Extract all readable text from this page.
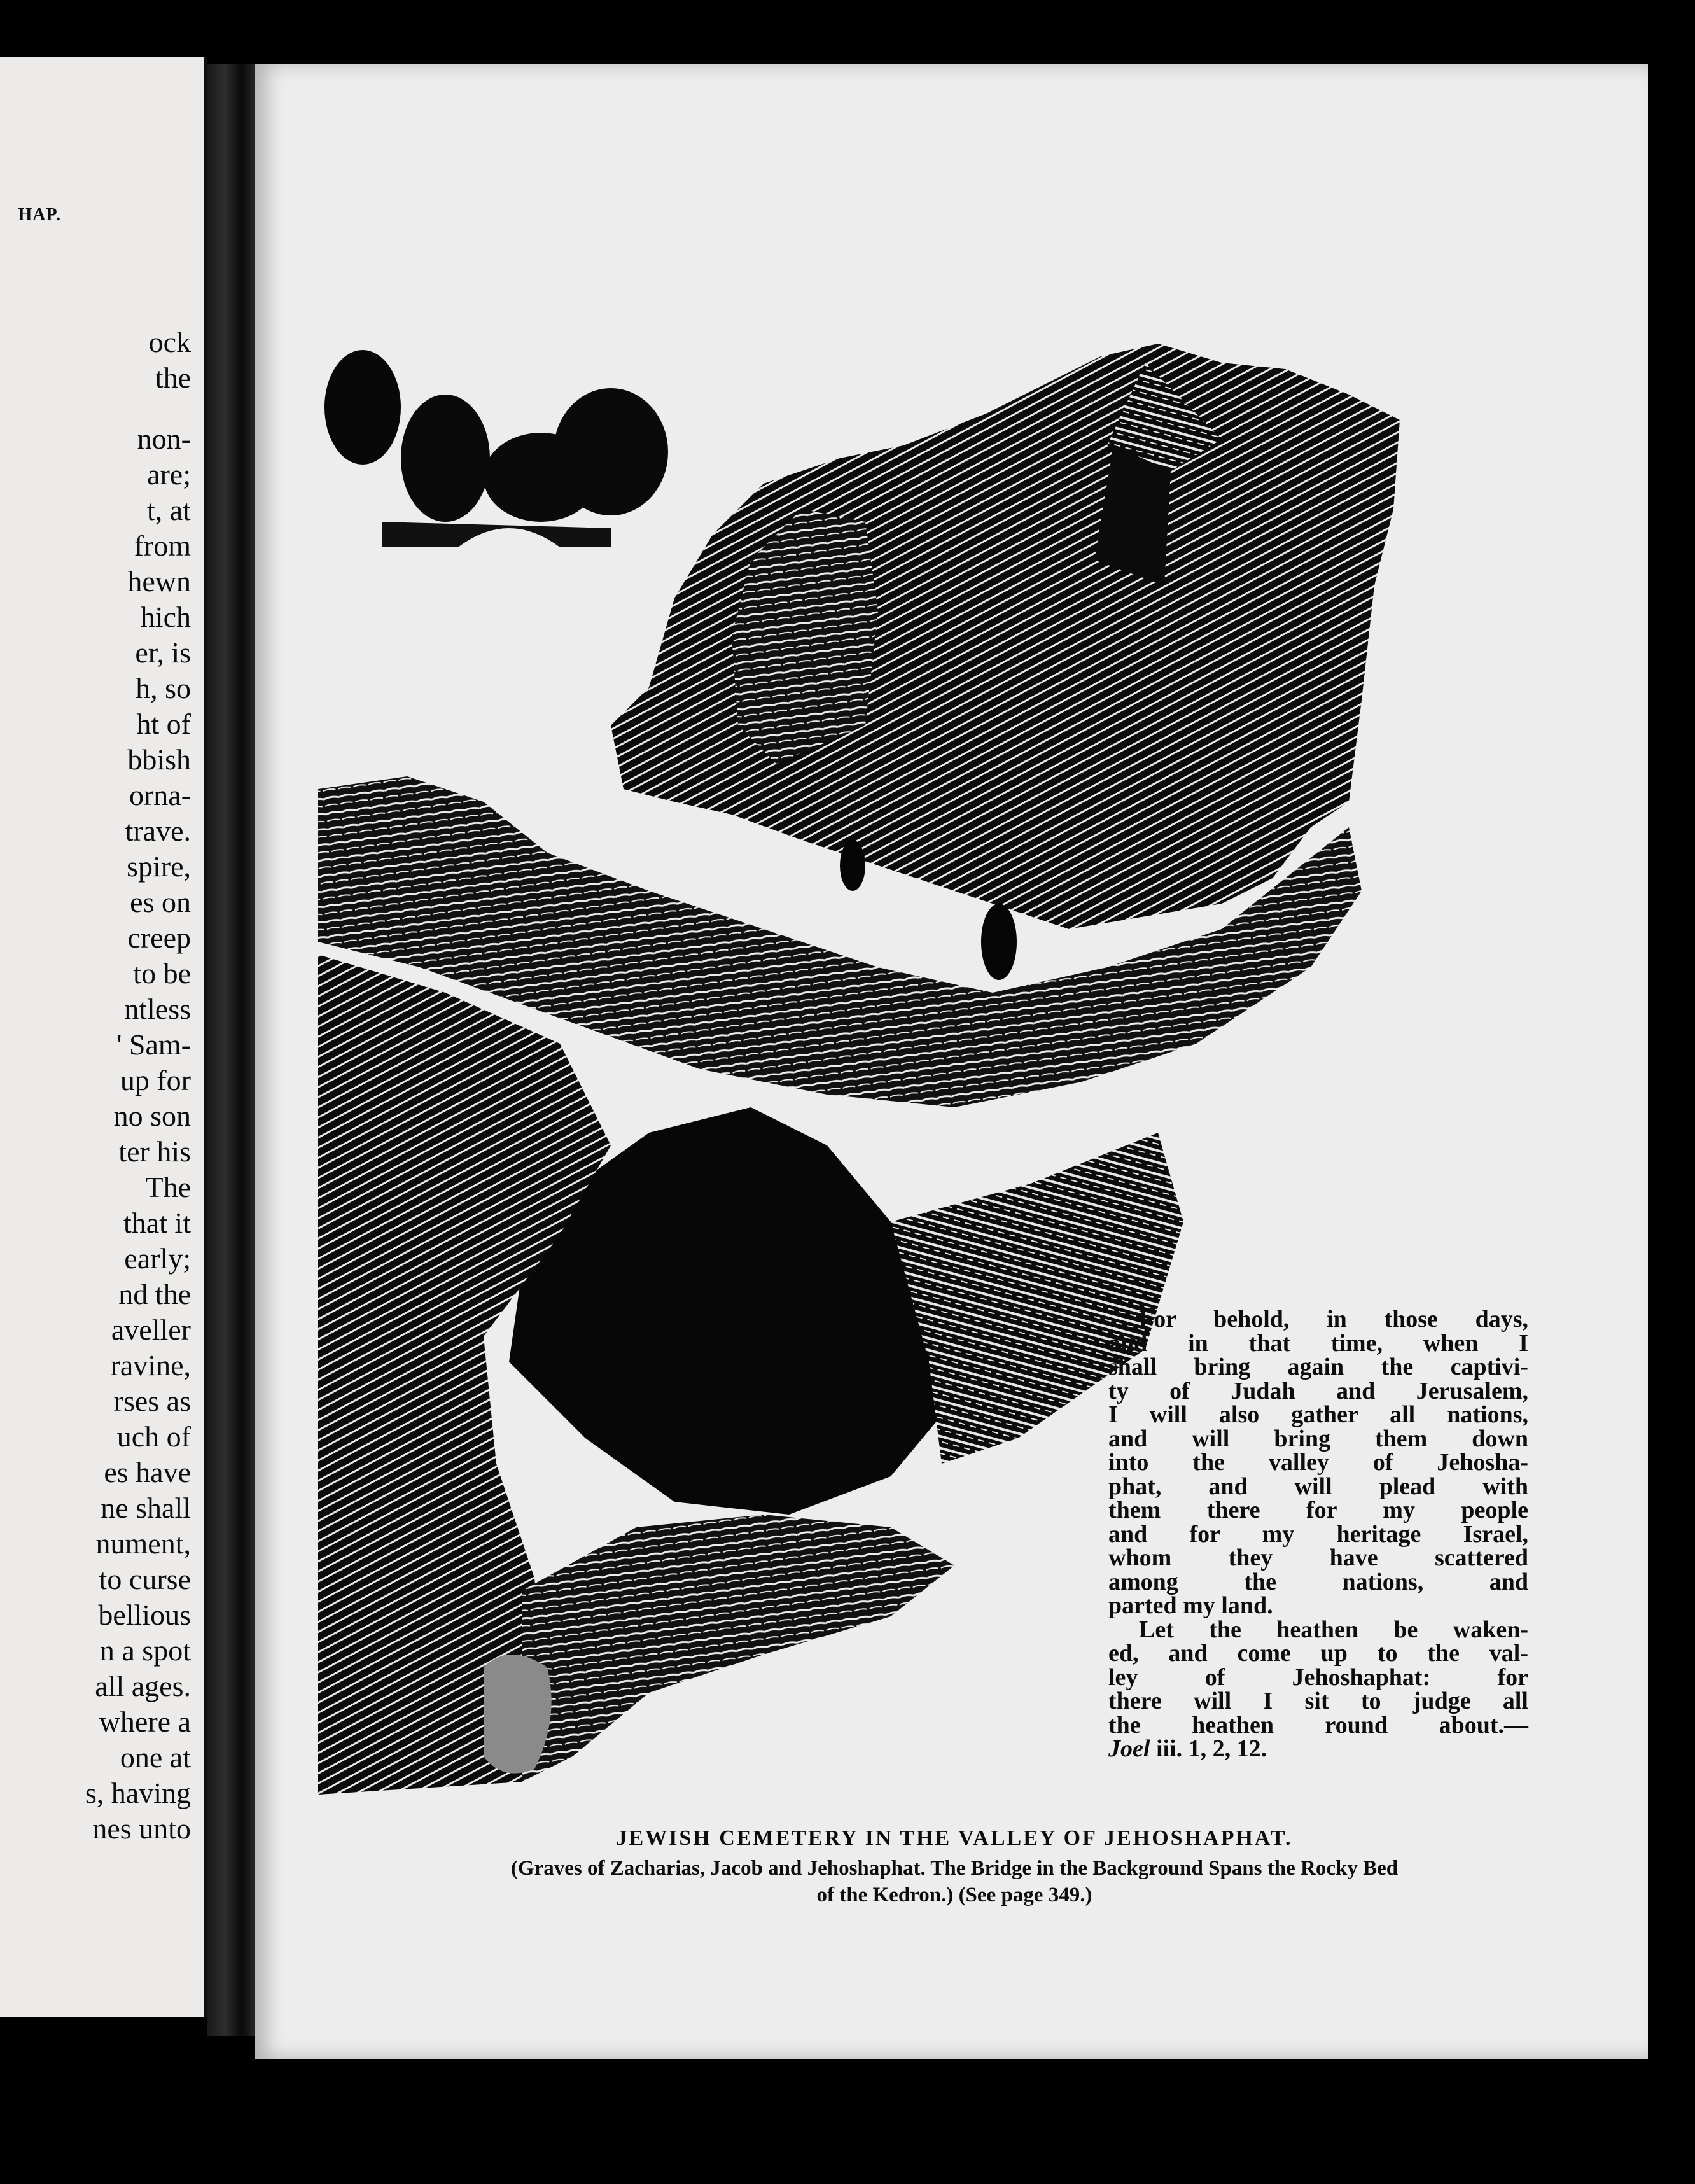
HAP.
ock
the
non-
are;
t, at
from
hewn
hich
er, is
h, so
ht of
bbish
orna-
trave.
spire,
es on
creep
to be
ntless
' Sam-
up for
no son
ter his
The
that it
early;
nd the
aveller
ravine,
rses as
uch of
es have
ne shall
nument,
to curse
bellious
n a spot
all ages.
where a
one at
s, having
nes unto
For behold, in those days,
and in that time, when I
shall bring again the captivi-
ty of Judah and Jerusalem,
I will also gather all nations,
and will bring them down
into the valley of Jehosha-
phat, and will plead with
them there for my people
and for my heritage Israel,
whom they have scattered
among the nations, and
parted my land.
Let the heathen be waken-
ed, and come up to the val-
ley of Jehoshaphat: for
there will I sit to judge all
the heathen round about.—
Joel iii. 1, 2, 12.
JEWISH CEMETERY IN THE VALLEY OF JEHOSHAPHAT.
(Graves of Zacharias, Jacob and Jehoshaphat. The Bridge in the Background Spans the Rocky Bed
of the Kedron.) (See page 349.)
